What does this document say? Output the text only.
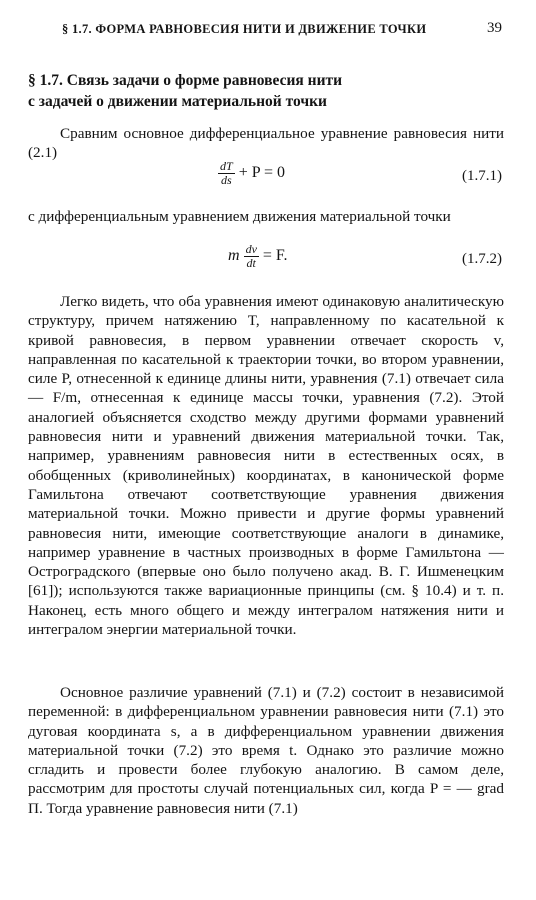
§ 1.7. ФОРМА РАВНОВЕСИЯ НИТИ И ДВИЖЕНИЕ ТОЧКИ	39
§ 1.7. Связь задачи о форме равновесия нити
с задачей о движении материальной точки

Сравним основное дифференциальное уравнение равновесия нити (2.1)

$\frac{dT}{ds} + P = 0$	(1.7.1)

с дифференциальным уравнением движения материальной точки

m $\frac{dv}{dt} = F$.	(1.7.2)

Легко видеть, что оба уравнения имеют одинаковую аналитическую структуру, причем натяжению T, направленному по касательной к кривой равновесия, в первом уравнении отвечает скорость v, направленная по касательной к траектории точки, во втором уравнении, силе P, отнесенной к единице длины нити, уравнения (7.1) отвечает сила — F/m, отнесенная к единице массы точки, уравнения (7.2). Этой аналогией объясняется сходство между другими формами уравнений равновесия нити и уравнений движения материальной точки. Так, например, уравнениям равновесия нити в естественных осях, в обобщенных (криволинейных) координатах, в канонической форме Гамильтона отвечают соответствующие уравнения движения материальной точки. Можно привести и другие формы уравнений равновесия нити, имеющие соответствующие аналоги в динамике, например уравнение в частных производных в форме Гамильтона — Остроградского (впервые оно было получено акад. В. Г. Ишменецким [61]); используются также вариационные принципы (см. § 10.4) и т. п. Наконец, есть много общего и между интегралом натяжения нити и интегралом энергии материальной точки.

Основное различие уравнений (7.1) и (7.2) состоит в независимой переменной: в дифференциальном уравнении равновесия нити (7.1) это дуговая координата s, а в дифференциальном уравнении движения материальной точки (7.2) это время t. Однако это различие можно сгладить и провести более глубокую аналогию. В самом деле, рассмотрим для простоты случай потенциальных сил, когда P = — grad П. Тогда уравнение равновесия нити (7.1)
